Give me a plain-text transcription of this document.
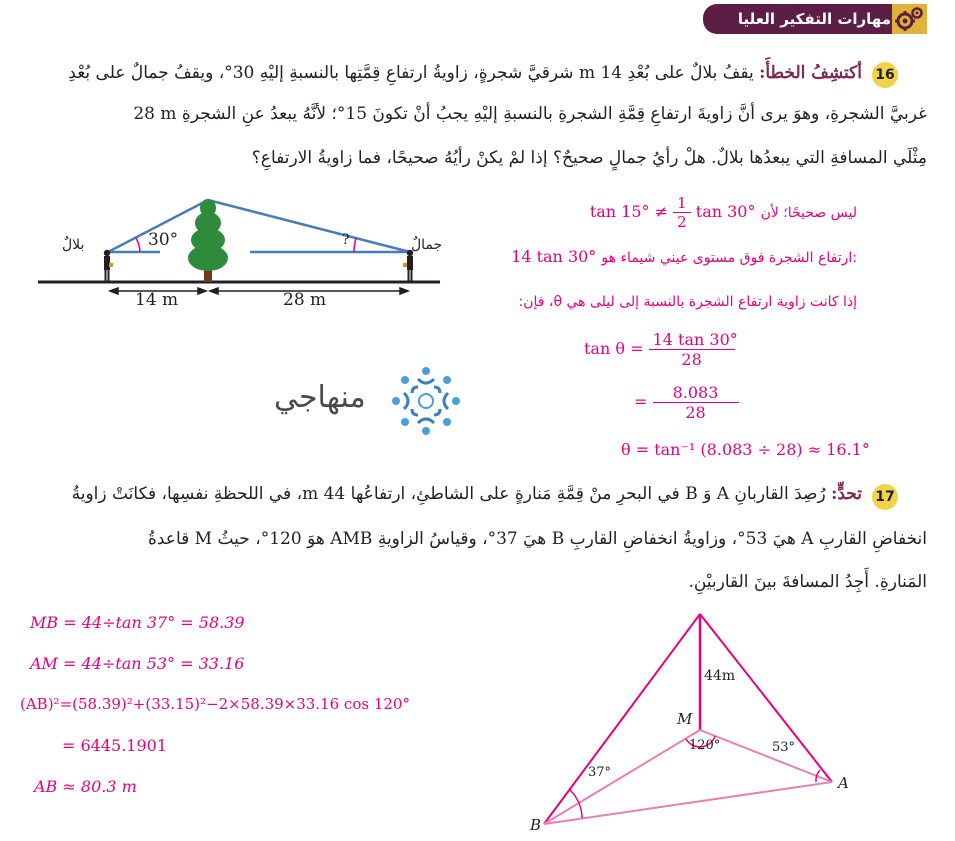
مهارات التفكير العليا
16
أكتشِفُ الخطأَ: يقفُ بلالٌ على بُعْدِ 14 m شرقيَّ شجرةٍ، زاويةُ ارتفاعِ قِمَّتِها بالنسبةِ إليْهِ 30°، ويقفُ جمالٌ على بُعْدِ
28 m غربيَّ الشجرةِ، وهوَ يرى أنَّ زاويةَ ارتفاعِ قِمَّةِ الشجرةِ بالنسبةِ إليْهِ يجبُ أنْ تكونَ 15°؛ لأنَّهُ يبعدُ عنِ الشجرةِ
مِثْلَي المسافةِ التي يبعدُها بلالٌ. هلْ رأيُ جمالٍ صحيحٌ؟ إذا لمْ يكنْ رأيُهُ صحيحًا، فما زاويةُ الارتفاعِ؟
30°	?
بلالٌ	جمالٌ
14 m	28 m
$\tan 15^\circ \ne \frac{1}{2}$ tan 30° ليس صحيحًا؛ لأن
14 tan 30° ارتفاع الشجرة فوق مستوى عيني شيماء هو:
إذا كانت زاوية ارتفاع الشجرة بالنسبة إلى ليلى هي θ، فإن:
$\tan \theta = \frac{14 \tan 30^\circ}{28}$
= $\frac{8.083}{28}$
θ = tan⁻¹ (8.083 ÷ 28) ≈ 16.1°
منهاجي
17
تحدٍّ: رُصِدَ القاربانِ A وَ B في البحرِ منْ قِمَّةِ مَنارةٍ على الشاطئِ، ارتفاعُها 44 m، في اللحظةِ نفسِها، فكانَتْ زاويةُ
انخفاضِ القاربِ A هيَ 53°، وزاويةُ انخفاضِ القاربِ B هيَ 37°، وقياسُ الزاويةِ AMB هوَ 120°، حيثُ M قاعدةُ
المَنارةِ. أَجِدُ المسافةَ بينَ القاربيْنِ.
MB = 44÷tan 37° = 58.39
AM = 44÷tan 53° = 33.16
(AB)²=(58.39)²+(33.15)²−2×58.39×33.16 cos 120°
= 6445.1901
AB ≈ 80.3 m
44m
M
120°	53°
37°
A
B
